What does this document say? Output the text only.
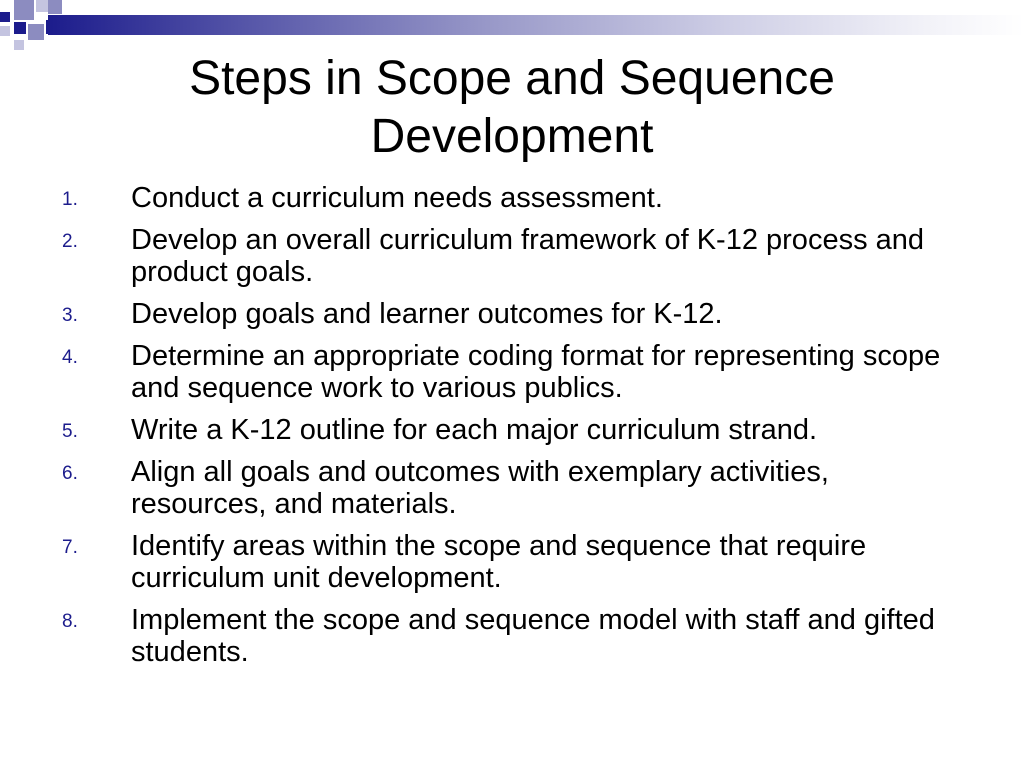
Steps in Scope and Sequence
Development
1. Conduct a curriculum needs assessment.
2. Develop an overall curriculum framework of K-12 process and product goals.
3. Develop goals and learner outcomes for K-12.
4. Determine an appropriate coding format for representing scope and sequence work to various publics.
5. Write a K-12 outline for each major curriculum strand.
6. Align all goals and outcomes with exemplary activities, resources, and materials.
7. Identify areas within the scope and sequence that require curriculum unit development.
8. Implement the scope and sequence model with staff and gifted students.
